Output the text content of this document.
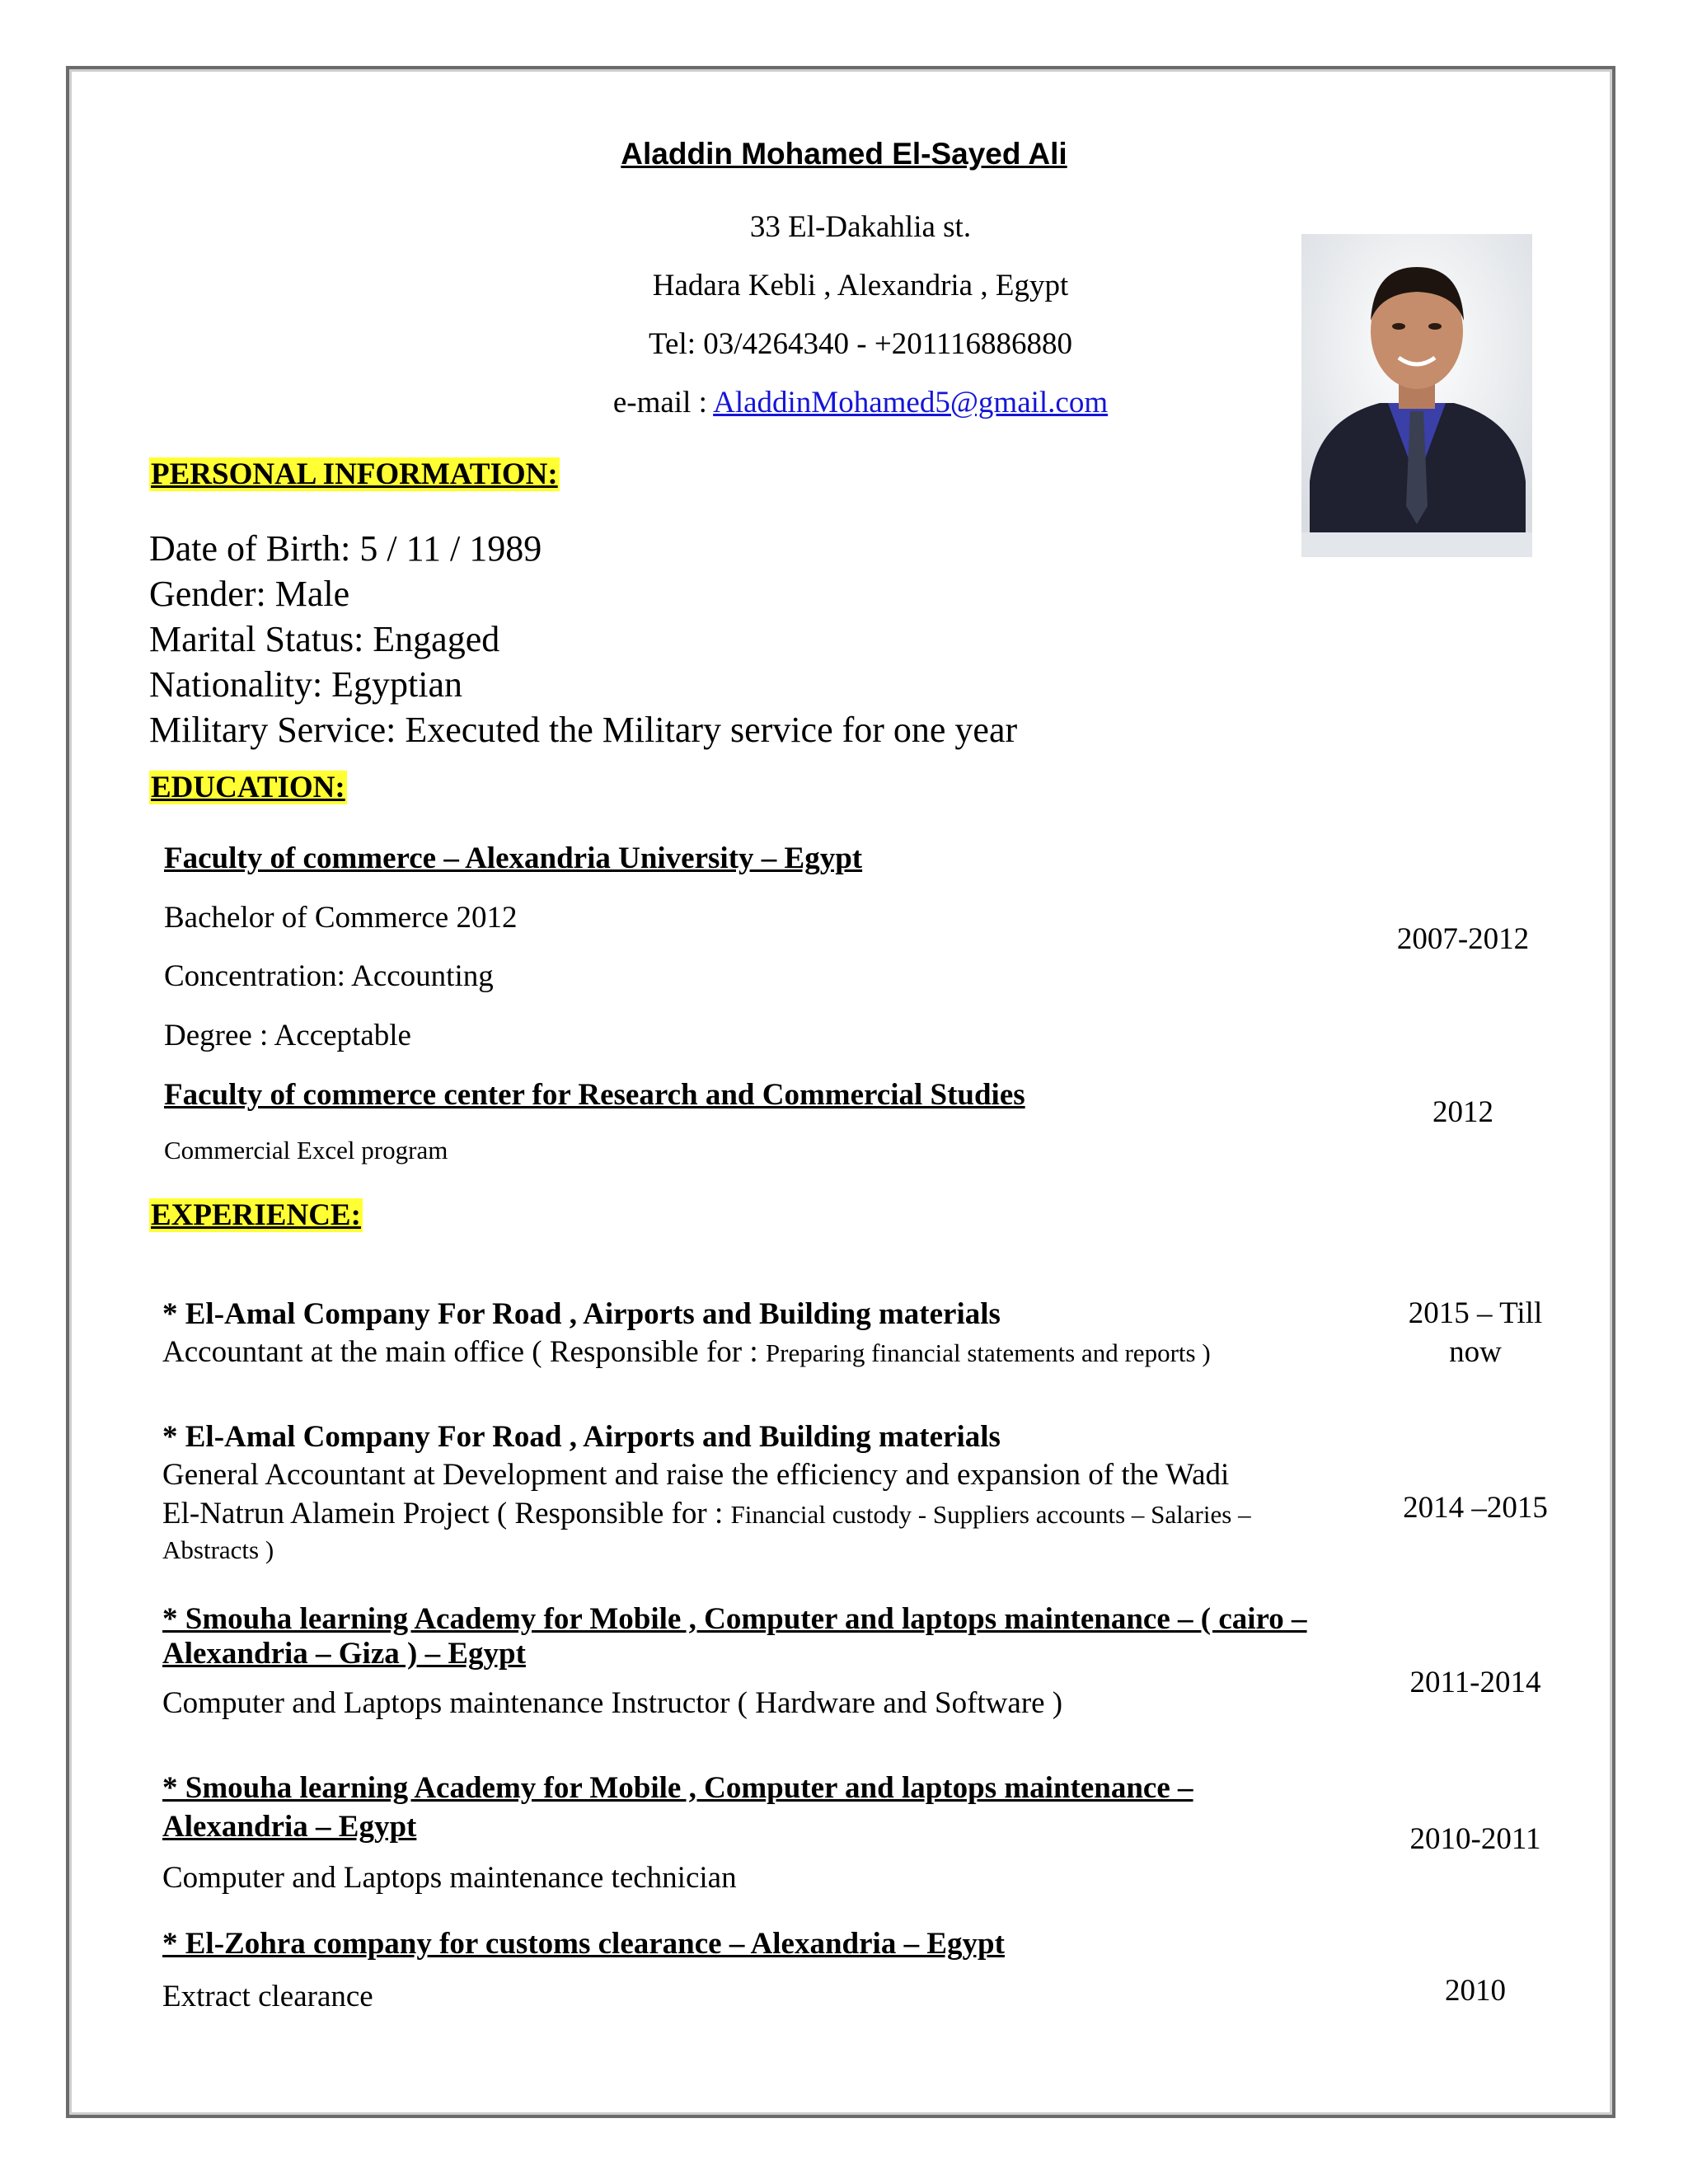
Aladdin Mohamed El-Sayed Ali
33 El-Dakahlia st.
Hadara Kebli , Alexandria , Egypt
Tel: 03/4264340 - +201116886880
e-mail : AladdinMohamed5@gmail.com
PERSONAL INFORMATION:
Date of Birth: 5 / 11 / 1989
Gender: Male
Marital Status: Engaged
Nationality: Egyptian
Military Service: Executed the Military service for one year
EDUCATION:
Faculty of commerce – Alexandria University – Egypt
Bachelor of Commerce 2012
Concentration: Accounting
Degree : Acceptable
2007-2012
Faculty of commerce center for Research and Commercial Studies
Commercial Excel program
2012
EXPERIENCE:
* El-Amal Company For Road , Airports and Building materials
Accountant at the main office ( Responsible for : Preparing financial statements and reports )
2015 – Till
now
* El-Amal Company For Road , Airports and Building materials
General Accountant at Development and raise the efficiency and expansion of the Wadi
El-Natrun Alamein Project ( Responsible for : Financial custody - Suppliers accounts – Salaries –
Abstracts )
2014 –2015
* Smouha learning Academy for Mobile , Computer and laptops maintenance – ( cairo –
Alexandria – Giza ) – Egypt
Computer and Laptops maintenance Instructor ( Hardware and Software )
2011-2014
* Smouha learning Academy for Mobile , Computer and laptops maintenance –
Alexandria – Egypt
Computer and Laptops maintenance technician
2010-2011
* El-Zohra company for customs clearance – Alexandria – Egypt
Extract clearance	2010
